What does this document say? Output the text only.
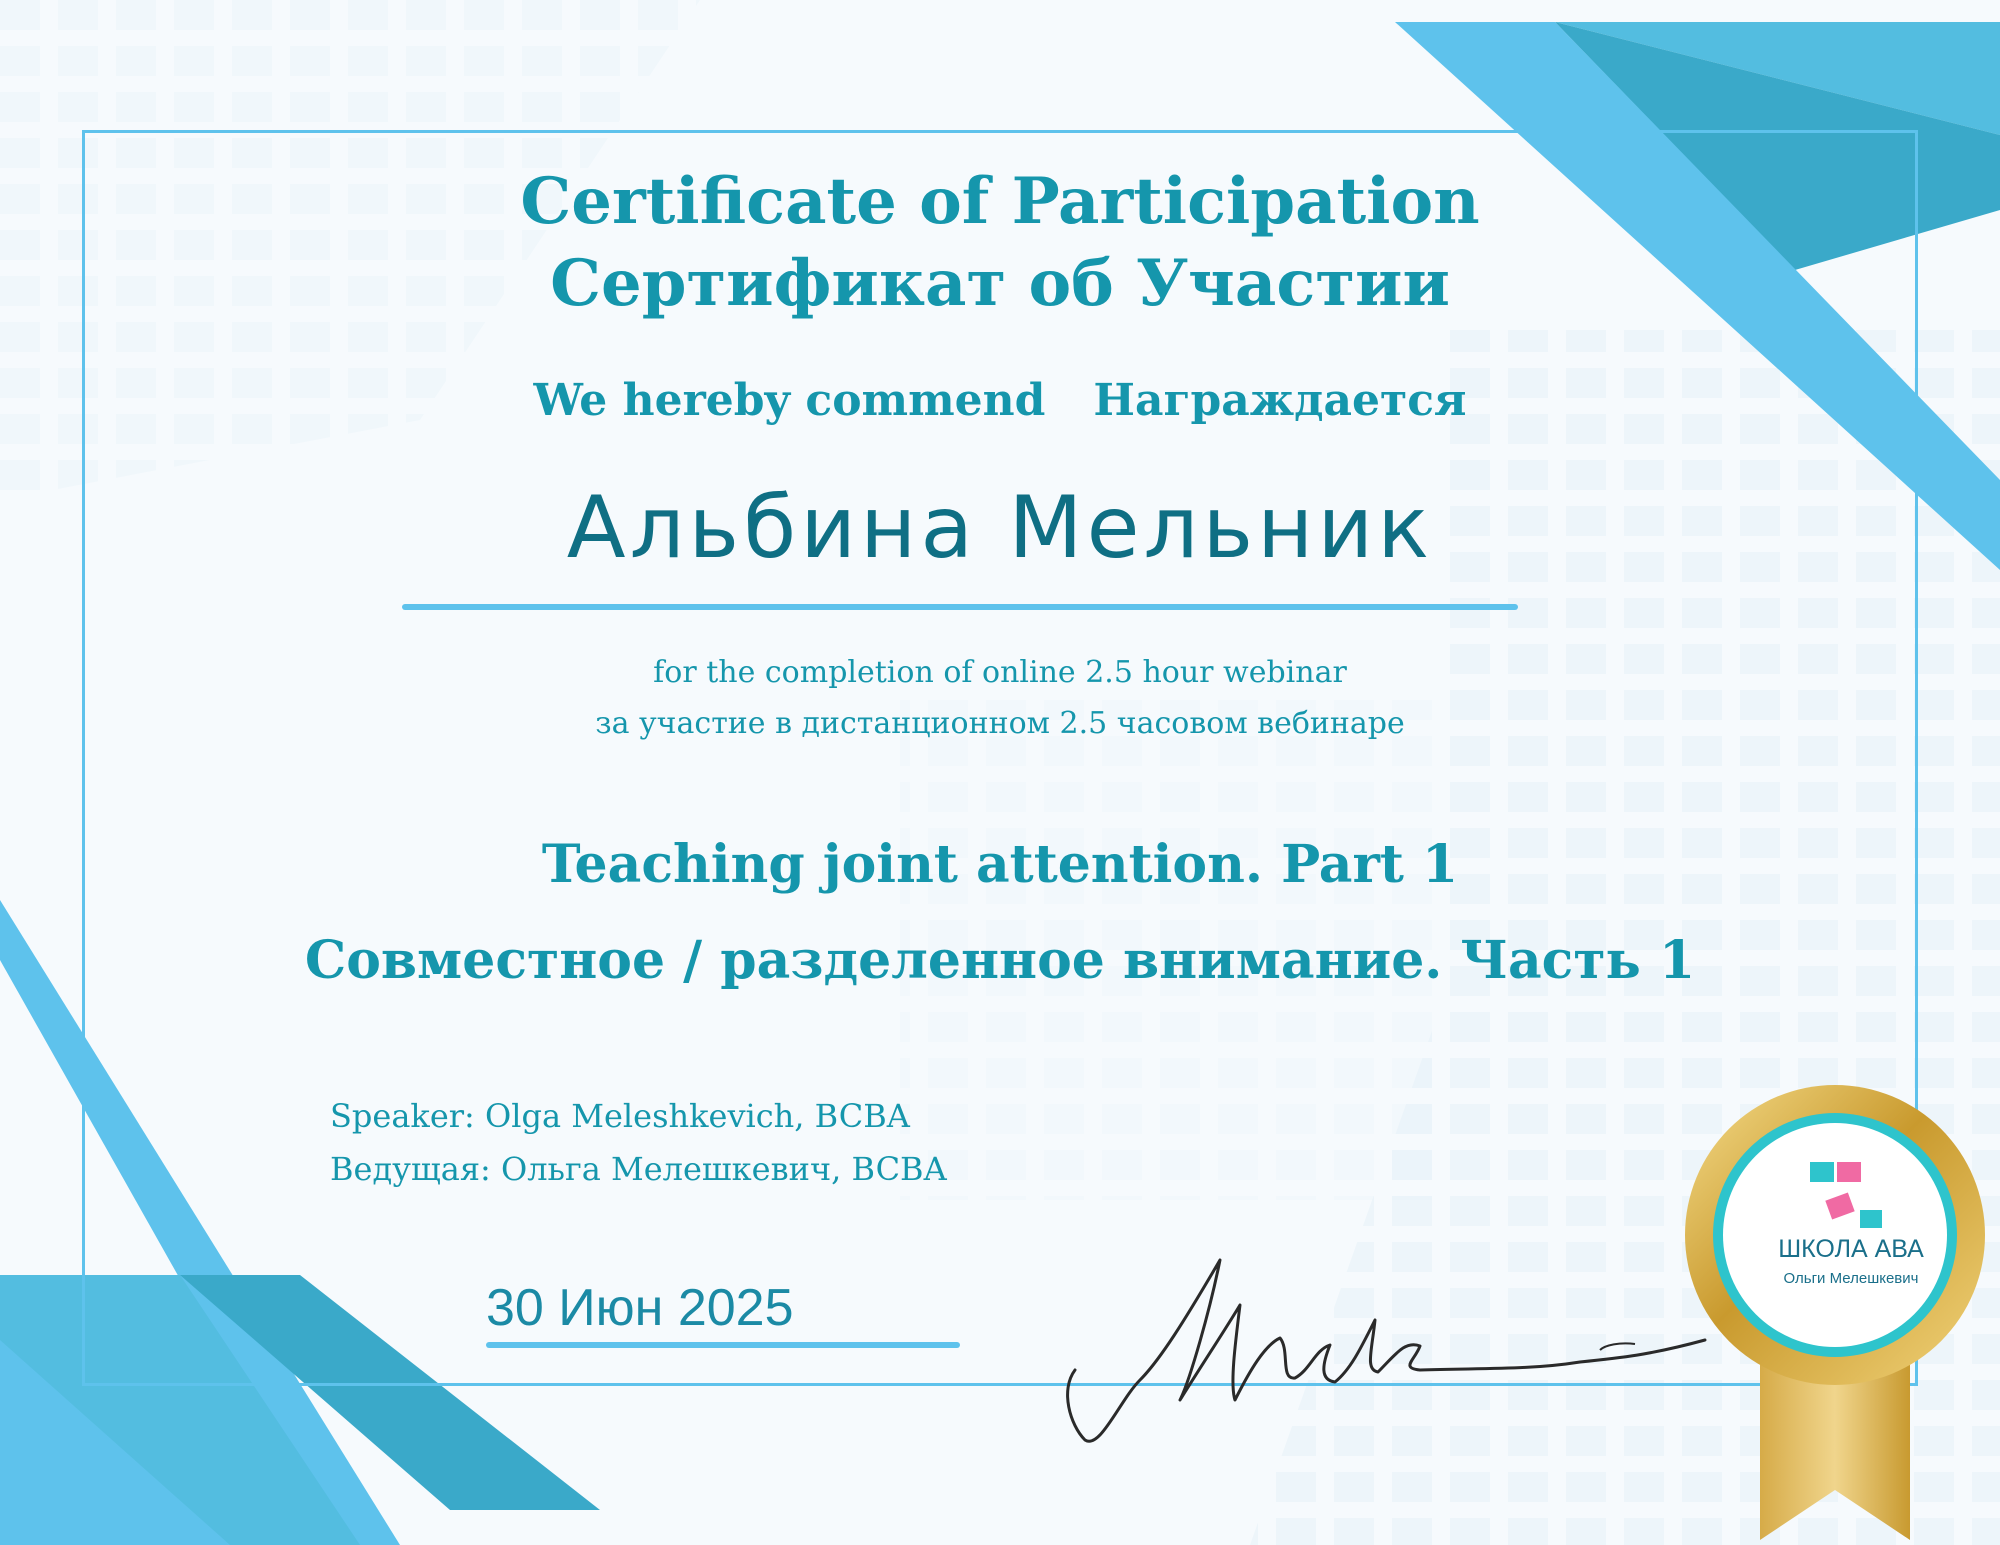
Certificate of Participation

Сертификат об Участии

We hereby commend Награждается

Альбина Мельник

for the completion of online 2.5 hour webinar

за участие в дистанционном 2.5 часовом вебинаре

Teaching joint attention. Part 1

Совместное / разделенное внимание. Часть 1

Speaker: Olga Meleshkevich, BCBA

Ведущая: Ольга Мелешкевич, BCBA

30 Июн 2025

ШКОЛА АВА

Ольги Мелешкевич
